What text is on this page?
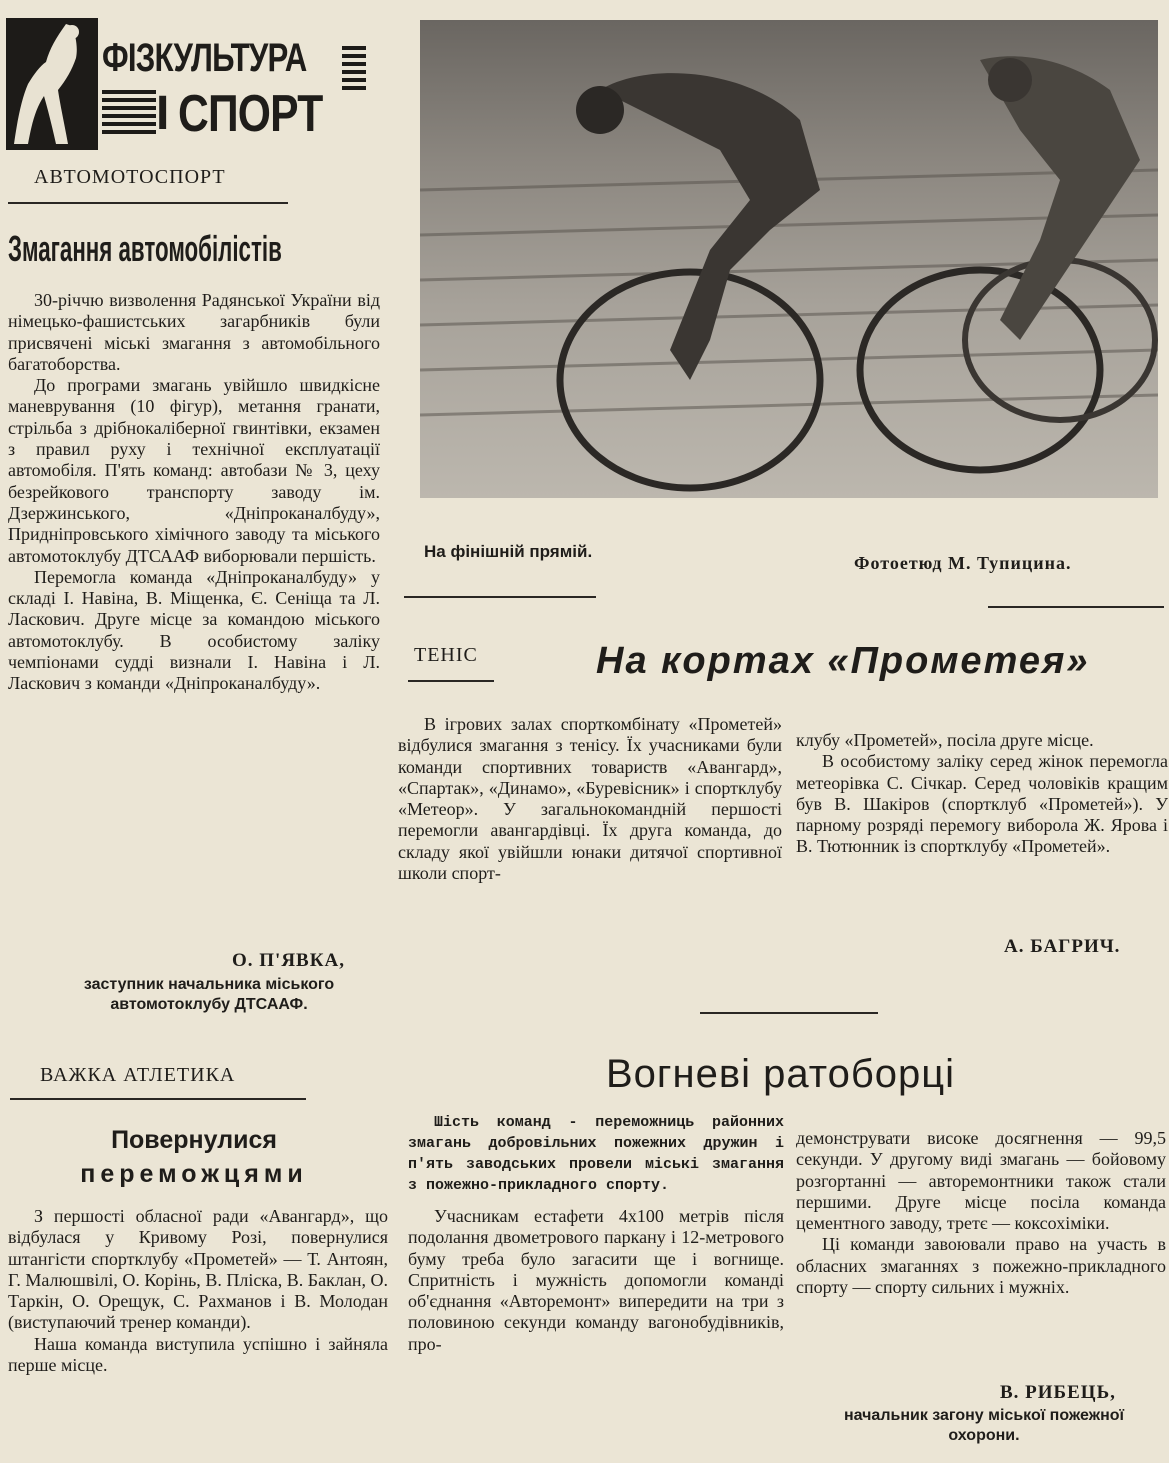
ФІЗКУЛЬТУРА
І СПОРТ
АВТОМОТОСПОРТ
Змагання автомобілістів

30-річчю визволення Радянської України від німецько-фашистських загарбників були присвячені міські змагання з автомобільного багатоборства.

До програми змагань увійшло швидкісне маневрування (10 фігур), метання гранати, стрільба з дрібнокаліберної гвинтівки, екзамен з правил руху і технічної експлуатації автомобіля. П'ять команд: автобази № 3, цеху безрейкового транспорту заводу ім. Дзержинського, «Дніпроканалбуду», Придніпровського хімічного заводу та міського автомотоклубу ДТСААФ виборювали першість.

Перемогла команда «Дніпроканалбуду» у складі І. Навіна, В. Міщенка, Є. Сеніща та Л. Ласкович. Друге місце за командою міського автомотоклубу. В особистому заліку чемпіонами судді визнали І. Навіна і Л. Ласкович з команди «Дніпроканалбуду».

О. П'ЯВКА,
заступник начальника міського автомотоклубу ДТСААФ.
На фінішній прямій.
Фотоетюд М. Тупицина.
ТЕНІС	На кортах «Прометея»

В ігрових залах спорткомбінату «Прометей» відбулися змагання з тенісу. Їх учасниками були команди спортивних товариств «Авангард», «Спартак», «Динамо», «Буревісник» і спортклубу «Метеор». У загальнокомандній першості перемогли авангардівці. Їх друга команда, до складу якої увійшли юнаки дитячої спортивної школи спорт-

клубу «Прометей», посіла друге місце.

В особистому заліку серед жінок перемогла метеорівка С. Січкар. Серед чоловіків кращим був В. Шакіров (спортклуб «Прометей»). У парному розряді перемогу виборола Ж. Ярова і В. Тютюнник із спортклубу «Прометей».

А. БАГРИЧ.
ВАЖКА АТЛЕТИКА
Повернулися
переможцями

З першості обласної ради «Авангард», що відбулася у Кривому Розі, повернулися штангісти спортклубу «Прометей» — Т. Антоян, Г. Малюшвілі, О. Корінь, В. Пліска, В. Баклан, О. Таркін, О. Орещук, С. Рахманов і В. Молодан (виступаючий тренер команди).

Наша команда виступила успішно і зайняла перше місце.

Вогневі ратоборці

Шість команд - переможниць районних змагань добровільних пожежних дружин і п'ять заводських провели міські змагання з пожежно-прикладного спорту.

Учасникам естафети 4х100 метрів після подолання двометрового паркану і 12-метрового буму треба було загасити ще і вогнище. Спритність і мужність допомогли команді об'єднання «Авторемонт» випередити на три з половиною секунди команду вагонобудівників, про-

демонструвати високе досягнення — 99,5 секунди. У другому виді змагань — бойовому розгортанні — авторемонтники також стали першими. Друге місце посіла команда цементного заводу, третє — коксохіміки.

Ці команди завоювали право на участь в обласних змаганнях з пожежно-прикладного спорту — спорту сильних і мужніх.

В. РИБЕЦЬ,
начальник загону міської пожежної охорони.
